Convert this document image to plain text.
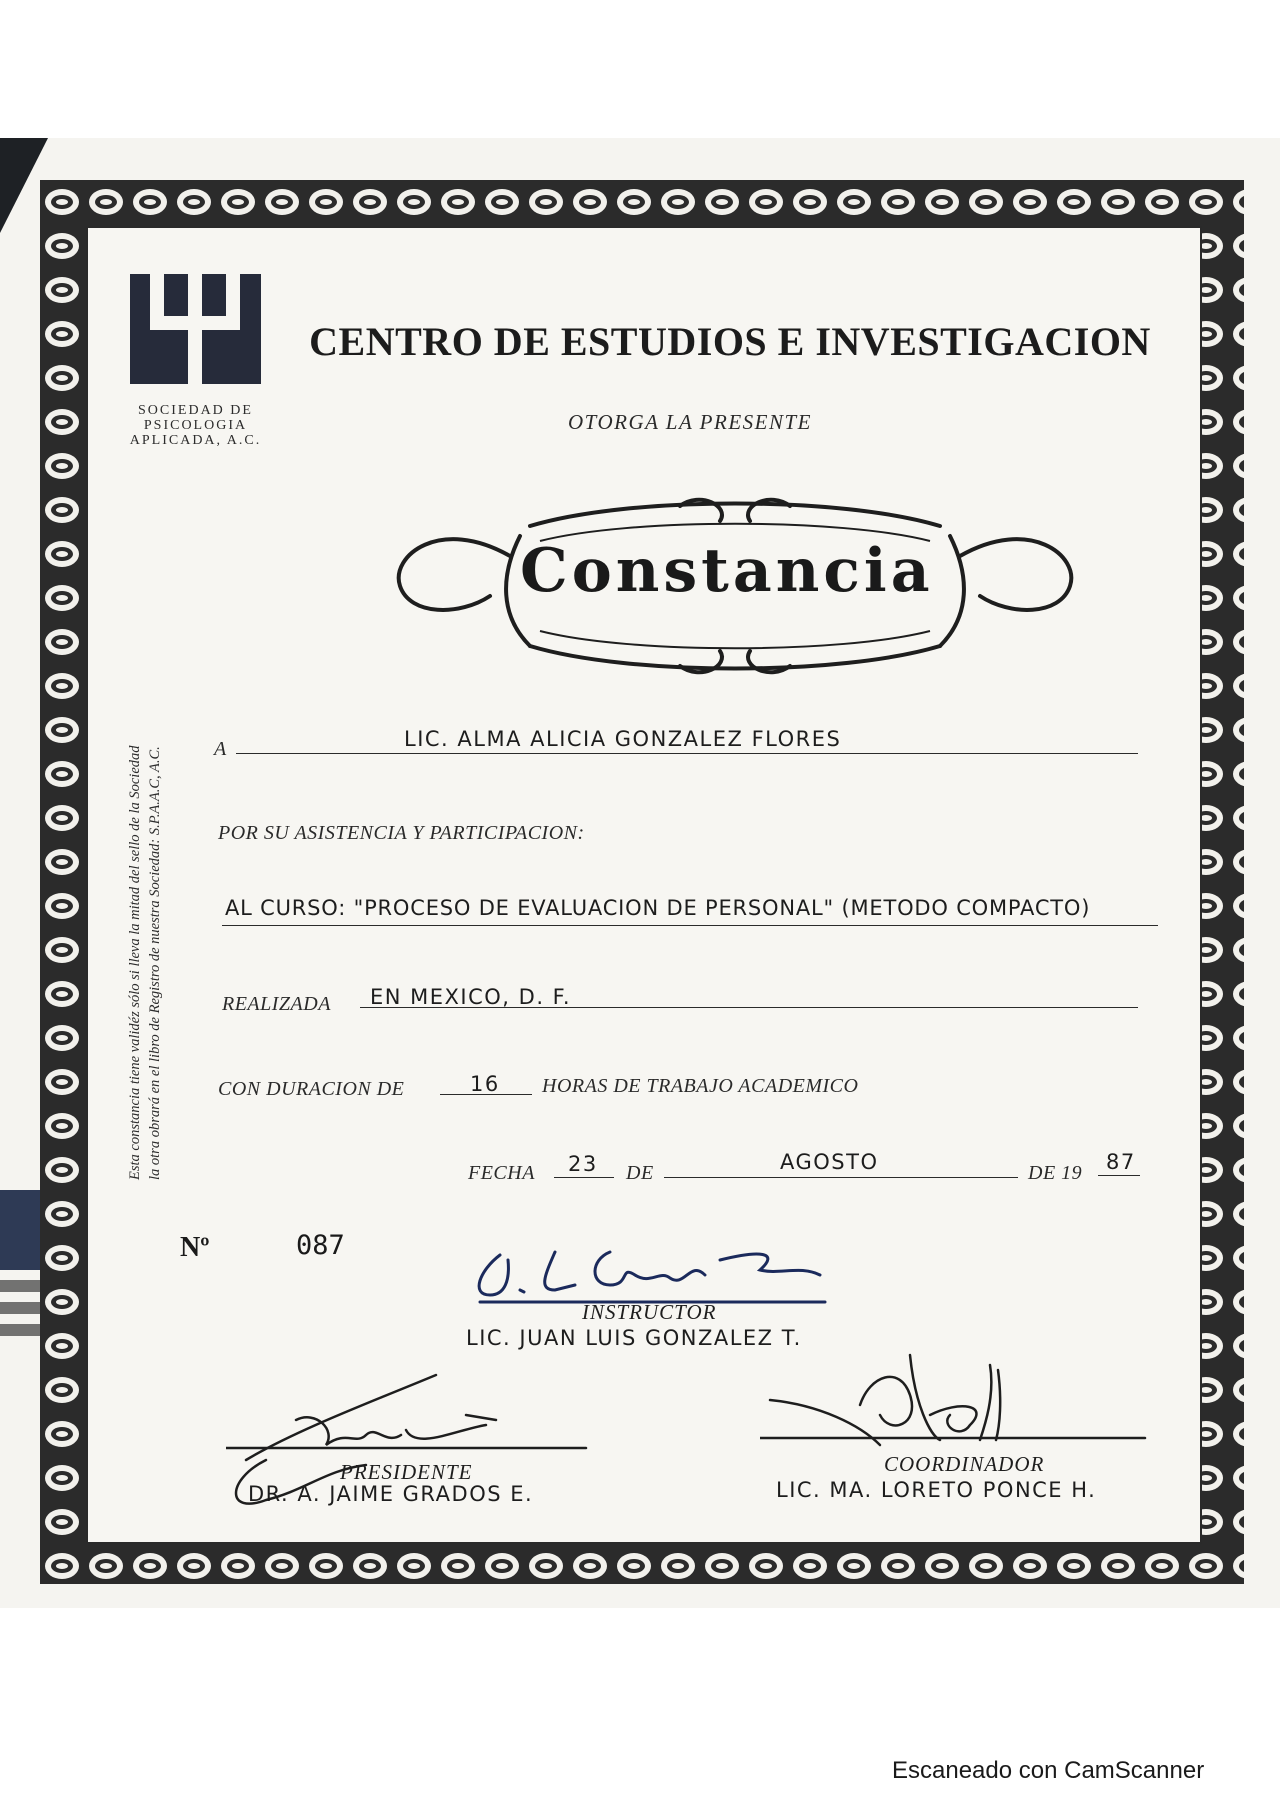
SOCIEDAD DE
PSICOLOGIA
APLICADA, A.C.
CENTRO DE ESTUDIOS E INVESTIGACION
OTORGA LA PRESENTE
Constancia
Esta constancia tiene validéz sólo si lleva la mitad del sello de la Sociedad la otra obrará en el libro de Registro de nuestra Sociedad: S.P.A.A.C, A.C.	A	LIC. ALMA ALICIA GONZALEZ FLORES
POR SU ASISTENCIA Y PARTICIPACION:
AL CURSO: "PROCESO DE EVALUACION DE PERSONAL" (METODO COMPACTO)
REALIZADA EN MEXICO, D. F.
CON DURACION DE	16 HORAS DE TRABAJO ACADEMICO
FECHA 23 DE	AGOSTO	DE 19 87
Nº	087
INSTRUCTOR
LIC. JUAN LUIS GONZALEZ T.
PRESIDENTE
DR. A. JAIME GRADOS E.
COORDINADOR
LIC. MA. LORETO PONCE H.
Escaneado con CamScanner
